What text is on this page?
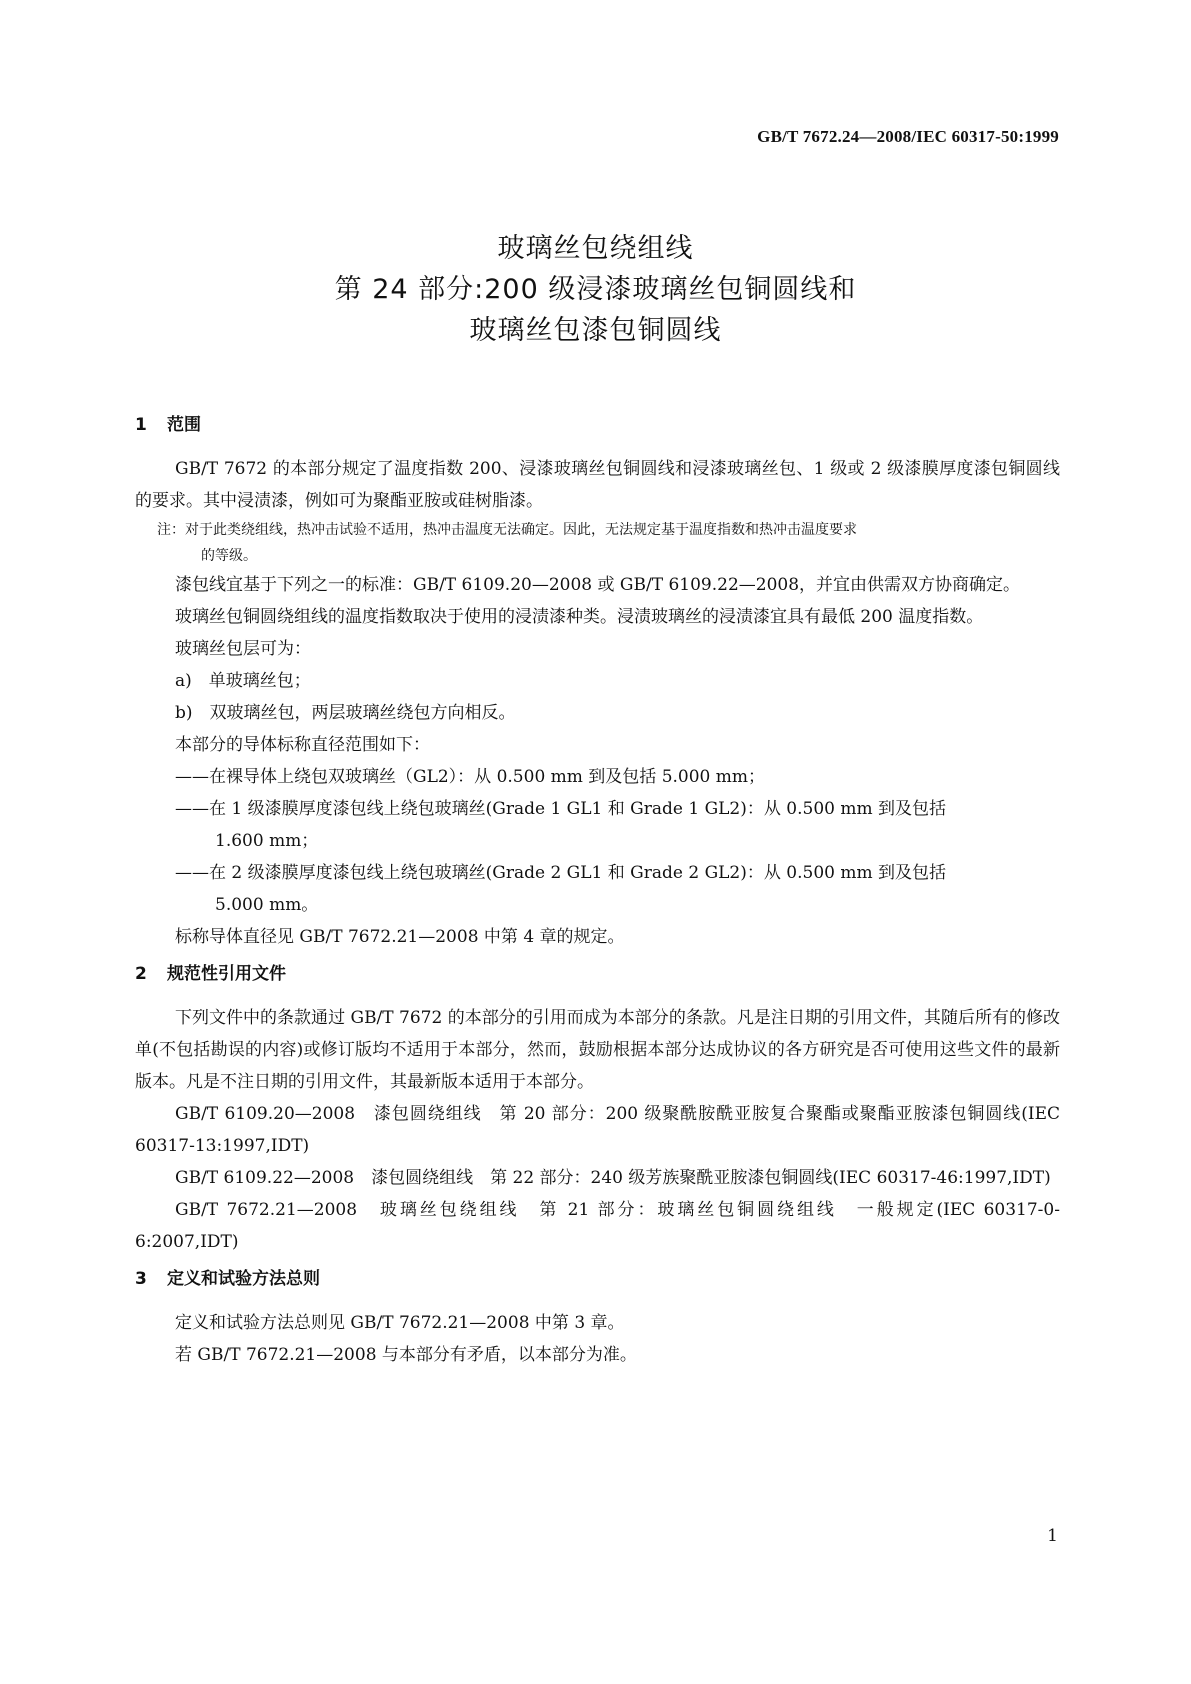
GB/T 7672.24—2008/IEC 60317-50:1999
玻璃丝包绕组线
第 24 部分:200 级浸漆玻璃丝包铜圆线和
玻璃丝包漆包铜圆线
1 范围

GB/T 7672 的本部分规定了温度指数 200、浸漆玻璃丝包铜圆线和浸漆玻璃丝包、1 级或 2 级漆膜厚度漆包铜圆线的要求。其中浸渍漆，例如可为聚酯亚胺或硅树脂漆。

注：对于此类绕组线，热冲击试验不适用，热冲击温度无法确定。因此，无法规定基于温度指数和热冲击温度要求
的等级。

漆包线宜基于下列之一的标准：GB/T 6109.20—2008 或 GB/T 6109.22—2008，并宜由供需双方协商确定。

玻璃丝包铜圆绕组线的温度指数取决于使用的浸渍漆种类。浸渍玻璃丝的浸渍漆宜具有最低 200 温度指数。

玻璃丝包层可为：

a)　单玻璃丝包；

b)　双玻璃丝包，两层玻璃丝绕包方向相反。

本部分的导体标称直径范围如下：

——在裸导体上绕包双玻璃丝（GL2）：从 0.500 mm 到及包括 5.000 mm；
——在 1 级漆膜厚度漆包线上绕包玻璃丝(Grade 1 GL1 和 Grade 1 GL2)：从 0.500 mm 到及包括
1.600 mm；
——在 2 级漆膜厚度漆包线上绕包玻璃丝(Grade 2 GL1 和 Grade 2 GL2)：从 0.500 mm 到及包括
5.000 mm。

标称导体直径见 GB/T 7672.21—2008 中第 4 章的规定。

2 规范性引用文件

下列文件中的条款通过 GB/T 7672 的本部分的引用而成为本部分的条款。凡是注日期的引用文件，其随后所有的修改单(不包括勘误的内容)或修订版均不适用于本部分，然而，鼓励根据本部分达成协议的各方研究是否可使用这些文件的最新版本。凡是不注日期的引用文件，其最新版本适用于本部分。

GB/T 6109.20—2008　漆包圆绕组线　第 20 部分：200 级聚酰胺酰亚胺复合聚酯或聚酯亚胺漆包铜圆线(IEC 60317-13:1997,IDT)

GB/T 6109.22—2008　漆包圆绕组线　第 22 部分：240 级芳族聚酰亚胺漆包铜圆线(IEC 60317-46:1997,IDT)

GB/T 7672.21—2008　玻璃丝包绕组线　第 21 部分：玻璃丝包铜圆绕组线　一般规定(IEC 60317-0-6:2007,IDT)

3 定义和试验方法总则

定义和试验方法总则见 GB/T 7672.21—2008 中第 3 章。

若 GB/T 7672.21—2008 与本部分有矛盾，以本部分为准。

1
